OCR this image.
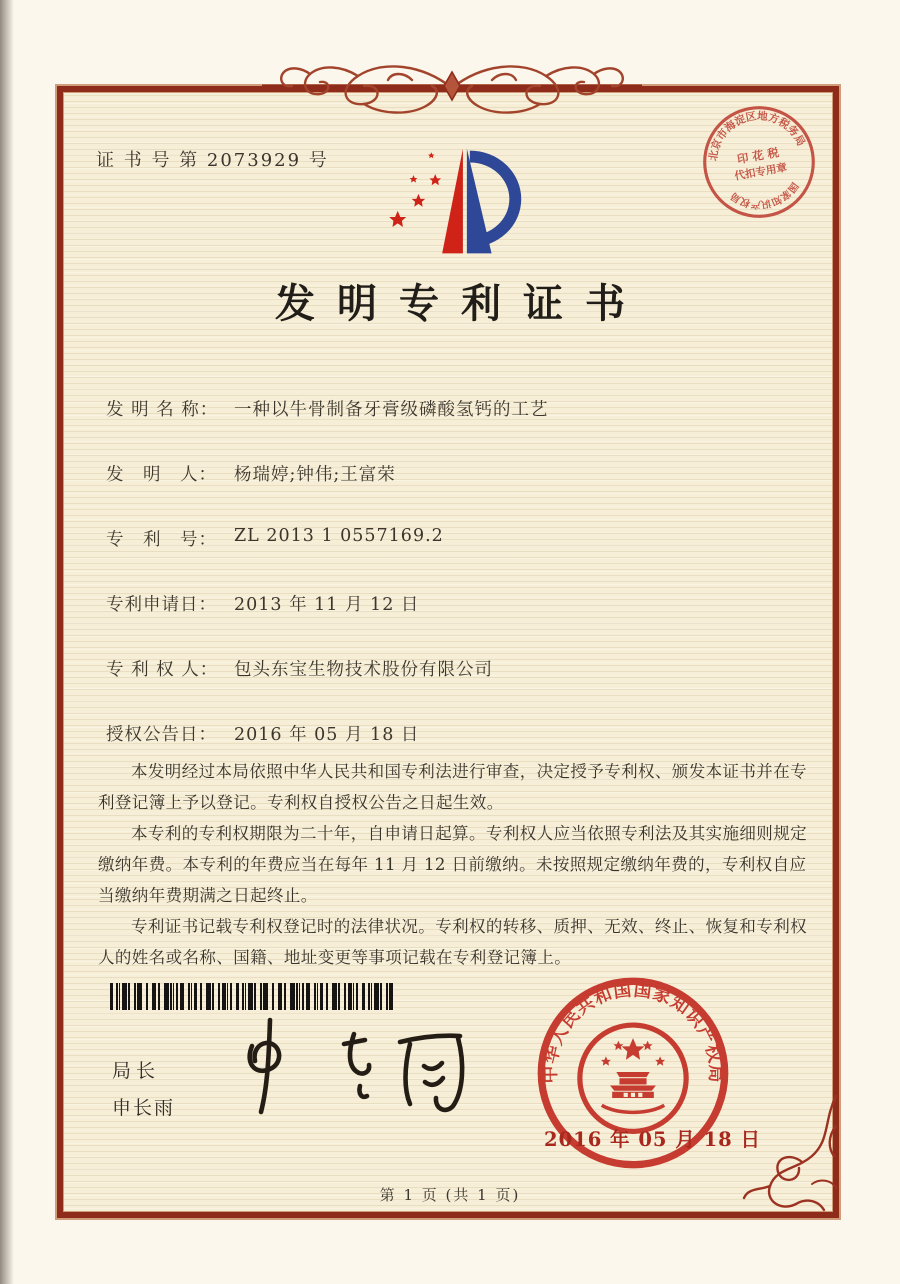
证 书 号 第 2073929 号
发明专利证书
北京市海淀区地方税务局
国家知识产权局
印 花 税
代扣专用章
发 明 名 称： 一种以牛骨制备牙膏级磷酸氢钙的工艺
发　明　人： 杨瑞婷;钟伟;王富荣
专　利　号： ZL 2013 1 0557169.2
专利申请日： 2013 年 11 月 12 日
专 利 权 人： 包头东宝生物技术股份有限公司
授权公告日： 2016 年 05 月 18 日

本发明经过本局依照中华人民共和国专利法进行审查，决定授予专利权、颁发本证书并在专利登记簿上予以登记。专利权自授权公告之日起生效。

本专利的专利权期限为二十年，自申请日起算。专利权人应当依照专利法及其实施细则规定缴纳年费。本专利的年费应当在每年 11 月 12 日前缴纳。未按照规定缴纳年费的，专利权自应当缴纳年费期满之日起终止。

专利证书记载专利权登记时的法律状况。专利权的转移、质押、无效、终止、恢复和专利权人的姓名或名称、国籍、地址变更等事项记载在专利登记簿上。

局长
申长雨
中华人民共和国国家知识产权局
2016 年 05 月 18 日
第 1 页 (共 1 页)
